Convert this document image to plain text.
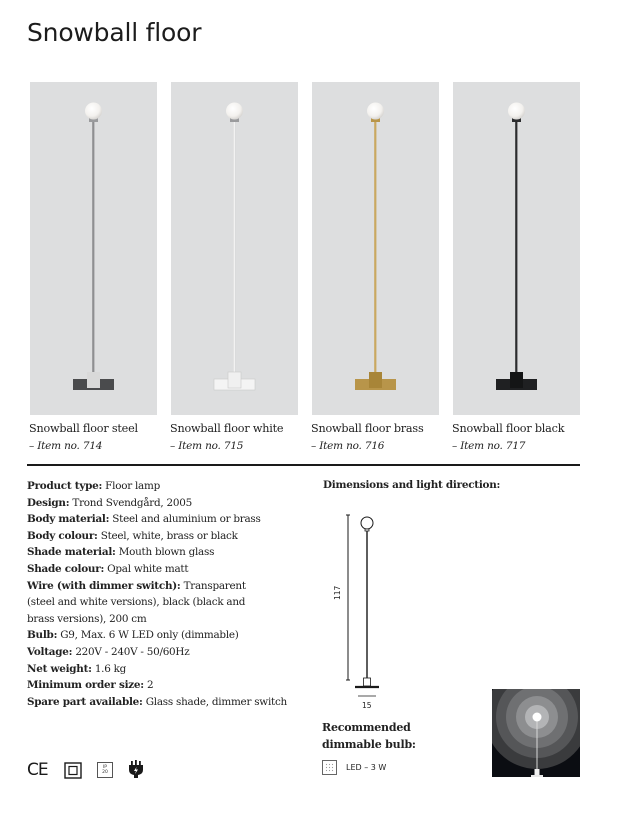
Snowball floor
Snowball floor steel
– Item no. 714
Snowball floor white
– Item no. 715
Snowball floor brass
– Item no. 716
Snowball floor black
– Item no. 717
Product type: Floor lamp
Design: Trond Svendgård, 2005
Body material: Steel and aluminium or brass
Body colour: Steel, white, brass or black
Shade material: Mouth blown glass
Shade colour: Opal white matt
Wire (with dimmer switch): Transparent
(steel and white versions), black (black and
brass versions), 200 cm
Bulb: G9, Max. 6 W LED only (dimmable)
Voltage: 220V - 240V - 50/60Hz
Net weight: 1.6 kg
Minimum order size: 2
Spare part available: Glass shade, dimmer switch
Dimensions and light direction:
117
15
Recommended
dimmable bulb:
LED – 3 W
CE	IP
20
